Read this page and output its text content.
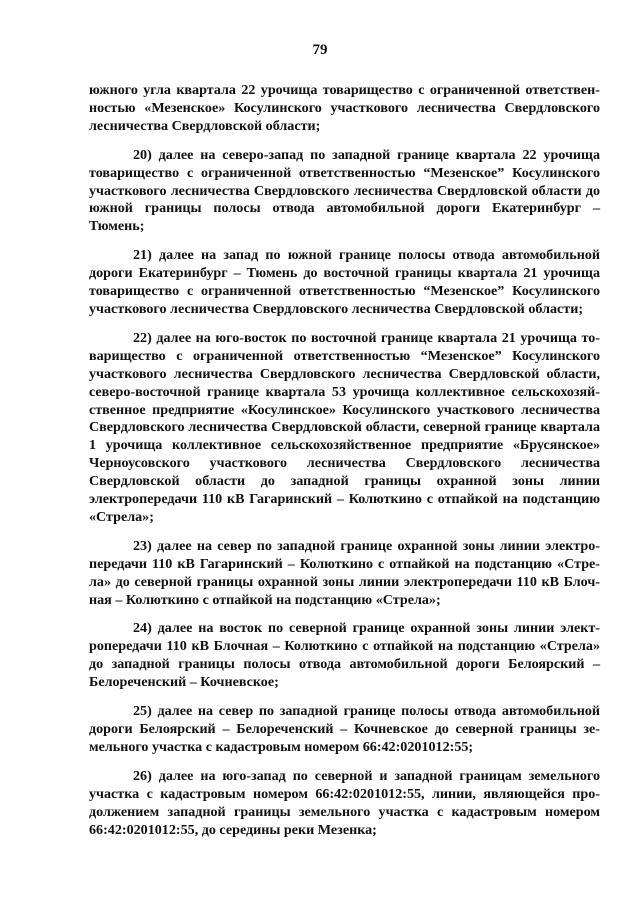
79

южного угла квартала 22 урочища товарищество с ограниченной ответственностью «Мезенское» Косулинского участкового лесничества Свердловского лесничества Свердловской области;

20) далее на северо-запад по западной границе квартала 22 урочища товарищество с ограниченной ответственностью “Мезенское” Косулинского участкового лесничества Свердловского лесничества Свердловской области до южной границы полосы отвода автомобильной дороги Екатеринбург – Тюмень;

21) далее на запад по южной границе полосы отвода автомобильной дороги Екатеринбург – Тюмень до восточной границы квартала 21 урочища товарищество с ограниченной ответственностью “Мезенское” Косулинского участкового лесничества Свердловского лесничества Свердловской области;

22) далее на юго-восток по восточной границе квартала 21 урочища товарищество с ограниченной ответственностью “Мезенское” Косулинского участкового лесничества Свердловского лесничества Свердловской области, северо-восточной границе квартала 53 урочища коллективное сельскохозяйственное предприятие «Косулинское» Косулинского участкового лесничества Свердловского лесничества Свердловской области, северной границе квартала 1 урочища коллективное сельскохозяйственное предприятие «Брусянское» Черноусовского участкового лесничества Свердловского лесничества Свердловской области до западной границы охранной зоны линии электропередачи 110 кВ Гагаринский – Колюткино с отпайкой на подстанцию «Стрела»;

23) далее на север по западной границе охранной зоны линии электропередачи 110 кВ Гагаринский – Колюткино с отпайкой на подстанцию «Стрела» до северной границы охранной зоны линии электропередачи 110 кВ Блочная – Колюткино с отпайкой на подстанцию «Стрела»;

24) далее на восток по северной границе охранной зоны линии электропередачи 110 кВ Блочная – Колюткино с отпайкой на подстанцию «Стрела» до западной границы полосы отвода автомобильной дороги Белоярский – Белореченский – Кочневское;

25) далее на север по западной границе полосы отвода автомобильной дороги Белоярский – Белореченский – Кочневское до северной границы земельного участка с кадастровым номером 66:42:0201012:55;

26) далее на юго-запад по северной и западной границам земельного участка с кадастровым номером 66:42:0201012:55, линии, являющейся продолжением западной границы земельного участка с кадастровым номером 66:42:0201012:55, до середины реки Мезенка;
